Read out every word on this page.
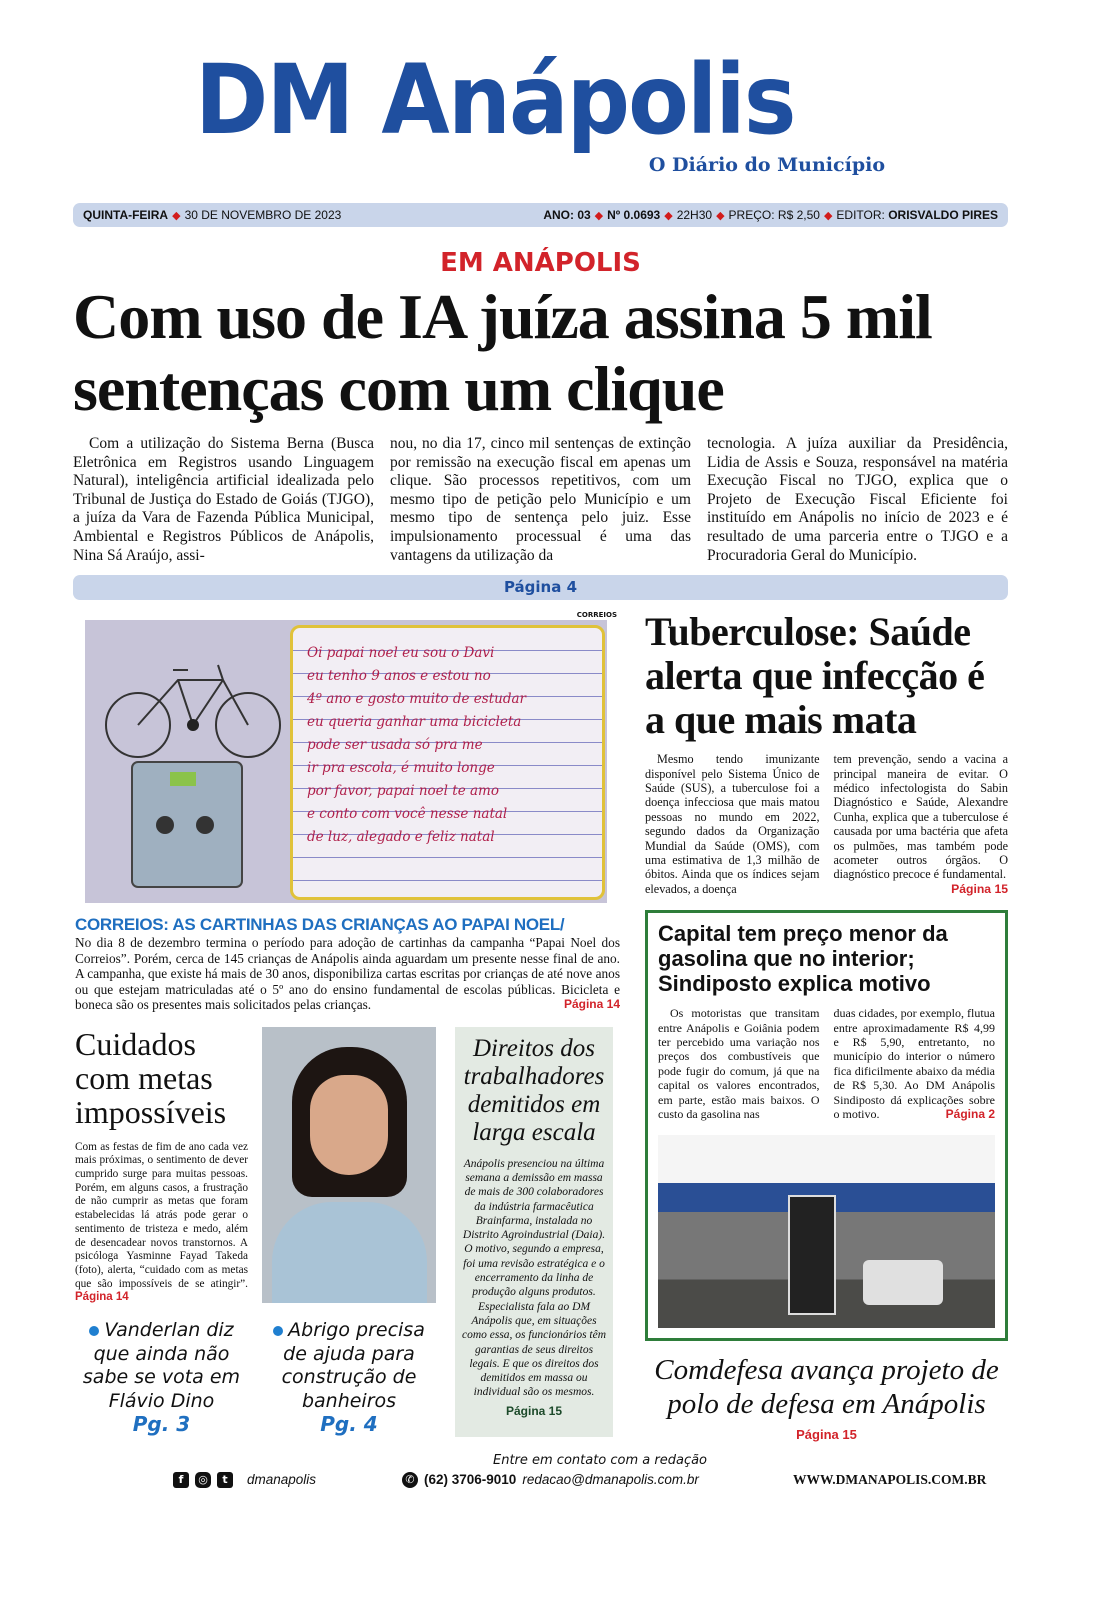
DM Anápolis
O Diário do Município
QUINTA-FEIRA ◆ 30 DE NOVEMBRO DE 2023	ANO: 03 ◆ Nº 0.0693 ◆ 22H30 ◆ PREÇO: R$ 2,50 ◆ EDITOR: ORISVALDO PIRES
EM ANÁPOLIS
Com uso de IA juíza assina 5 mil sentenças com um clique

Com a utilização do Sistema Berna (Busca Eletrônica em Registros usando Linguagem Natural), inteligência artificial idealizada pelo Tribunal de Justiça do Estado de Goiás (TJGO), a juíza da Vara de Fazenda Pública Municipal, Ambiental e Registros Públicos de Anápolis, Nina Sá Araújo, assi-

nou, no dia 17, cinco mil sentenças de extinção por remissão na execução fiscal em apenas um clique. São processos repetitivos, com um mesmo tipo de petição pelo Município e um mesmo tipo de sentença pelo juiz. Esse impulsionamento processual é uma das vantagens da utilização da

tecnologia. A juíza auxiliar da Presidência, Lidia de Assis e Souza, responsável na matéria Execução Fiscal no TJGO, explica que o Projeto de Execução Fiscal Eficiente foi instituído em Anápolis no início de 2023 e é resultado de uma parceria entre o TJGO e a Procuradoria Geral do Município.

Página 4
CORREIOS
Oi papai noel eu sou o Davi
eu tenho 9 anos e estou no
4º ano e gosto muito de estudar
eu queria ganhar uma bicicleta
pode ser usada só pra me
ir pra escola, é muito longe
por favor, papai noel te amo
e conto com você nesse natal
de luz, alegado e feliz natal
CORREIOS: AS CARTINHAS DAS CRIANÇAS AO PAPAI NOEL/
No dia 8 de dezembro termina o período para adoção de cartinhas da campanha “Papai Noel dos Correios”. Porém, cerca de 145 crianças de Anápolis ainda aguardam um presente nesse final de ano. A campanha, que existe há mais de 30 anos, disponibiliza cartas escritas por crianças de até nove anos ou que estejam matriculadas até o 5º ano do ensino fundamental de escolas públicas. Bicicleta e boneca são os presentes mais solicitados pelas crianças.	Página 14
Cuidados com metas impossíveis
Com as festas de fim de ano cada vez mais próximas, o sentimento de dever cumprido surge para muitas pessoas. Porém, em alguns casos, a frustração de não cumprir as metas que foram estabelecidas lá atrás pode gerar o sentimento de tristeza e medo, além de desencadear novos transtornos. A psicóloga Yasminne Fayad Takeda (foto), alerta, “cuidado com as metas que são impossíveis de se atingir”. Página 14
Direitos dos trabalhadores demitidos em larga escala
Anápolis presenciou na última semana a demissão em massa de mais de 300 colaboradores da indústria farmacêutica Brainfarma, instalada no Distrito Agroindustrial (Daia). O motivo, segundo a empresa, foi uma revisão estratégica e o encerramento da linha de produção alguns produtos. Especialista fala ao DM Anápolis que, em situações como essa, os funcionários têm garantias de seus direitos legais. E que os direitos dos demitidos em massa ou individual são os mesmos.
Página 15
Vanderlan diz que ainda não sabe se vota em Flávio Dino
Pg. 3
Abrigo precisa de ajuda para construção de banheiros
Pg. 4
Tuberculose: Saúde alerta que infecção é a que mais mata

Mesmo tendo imunizante disponível pelo Sistema Único de Saúde (SUS), a tuberculose foi a doença infecciosa que mais matou pessoas no mundo em 2022, segundo dados da Organização Mundial da Saúde (OMS), com uma estimativa de 1,3 milhão de óbitos. Ainda que os índices sejam elevados, a doença

tem prevenção, sendo a vacina a principal maneira de evitar. O médico infectologista do Sabin Diagnóstico e Saúde, Alexandre Cunha, explica que a tuberculose é causada por uma bactéria que afeta os pulmões, mas também pode acometer outros órgãos. O diagnóstico precoce é fundamental.
Página 15

Capital tem preço menor da gasolina que no interior; Sindiposto explica motivo

Os motoristas que transitam entre Anápolis e Goiânia podem ter percebido uma variação nos preços dos combustíveis que pode fugir do comum, já que na capital os valores encontrados, em parte, estão mais baixos. O custo da gasolina nas

duas cidades, por exemplo, flutua entre aproximadamente R$ 4,99 e R$ 5,90, entretanto, no município do interior o número fica dificilmente abaixo da média de R$ 5,30. Ao DM Anápolis Sindiposto dá explicações sobre o motivo.	Página 2

Comdefesa avança projeto de polo de defesa em Anápolis
Página 15
Entre em contato com a redação
f	◎	t	dmanapolis	✆ (62) 3706-9010 redacao@dmanapolis.com.br	WWW.DMANAPOLIS.COM.BR
